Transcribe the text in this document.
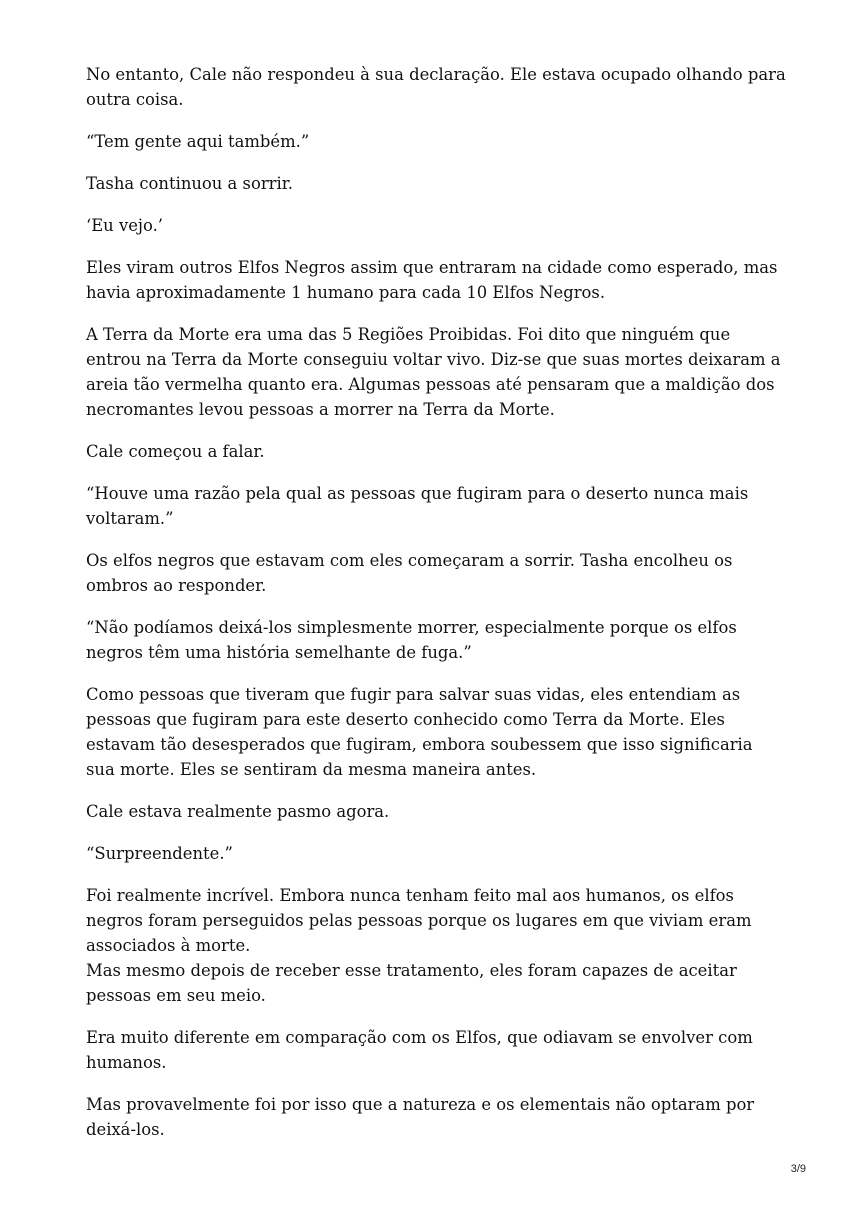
No entanto, Cale não respondeu à sua declaração. Ele estava ocupado olhando para outra coisa.

“Tem gente aqui também.”

Tasha continuou a sorrir.

‘Eu vejo.’

Eles viram outros Elfos Negros assim que entraram na cidade como esperado, mas havia aproximadamente 1 humano para cada 10 Elfos Negros.

A Terra da Morte era uma das 5 Regiões Proibidas. Foi dito que ninguém que entrou na Terra da Morte conseguiu voltar vivo. Diz-se que suas mortes deixaram a areia tão vermelha quanto era. Algumas pessoas até pensaram que a maldição dos necromantes levou pessoas a morrer na Terra da Morte.

Cale começou a falar.

“Houve uma razão pela qual as pessoas que fugiram para o deserto nunca mais voltaram.”

Os elfos negros que estavam com eles começaram a sorrir. Tasha encolheu os ombros ao responder.

“Não podíamos deixá-los simplesmente morrer, especialmente porque os elfos negros têm uma história semelhante de fuga.”

Como pessoas que tiveram que fugir para salvar suas vidas, eles entendiam as pessoas que fugiram para este deserto conhecido como Terra da Morte. Eles estavam tão desesperados que fugiram, embora soubessem que isso significaria sua morte. Eles se sentiram da mesma maneira antes.

Cale estava realmente pasmo agora.

“Surpreendente.”

Foi realmente incrível. Embora nunca tenham feito mal aos humanos, os elfos negros foram perseguidos pelas pessoas porque os lugares em que viviam eram associados à morte.
Mas mesmo depois de receber esse tratamento, eles foram capazes de aceitar pessoas em seu meio.

Era muito diferente em comparação com os Elfos, que odiavam se envolver com humanos.

Mas provavelmente foi por isso que a natureza e os elementais não optaram por deixá-los.

3/9
